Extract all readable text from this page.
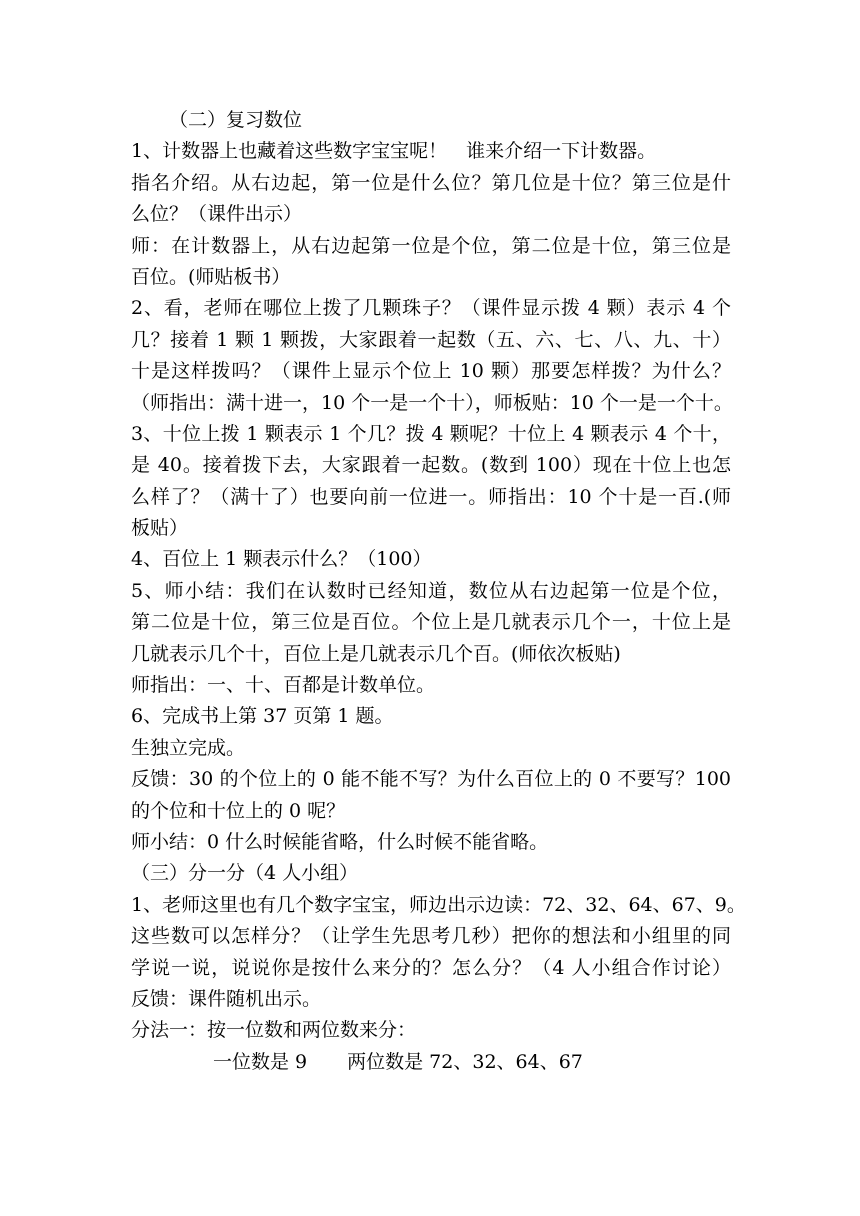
（二）复习数位
1、计数器上也藏着这些数字宝宝呢！　谁来介绍一下计数器。
指名介绍。从右边起，第一位是什么位？第几位是十位？第三位是什
么位？（课件出示）
师：在计数器上，从右边起第一位是个位，第二位是十位，第三位是
百位。(师贴板书）
2、看，老师在哪位上拨了几颗珠子？（课件显示拨 4 颗）表示 4 个
几？接着 1 颗 1 颗拨，大家跟着一起数（五、六、七、八、九、十）
十是这样拨吗？（课件上显示个位上 10 颗）那要怎样拨？为什么？
（师指出：满十进一，10 个一是一个十），师板贴：10 个一是一个十。
3、十位上拨 1 颗表示 1 个几？拨 4 颗呢？十位上 4 颗表示 4 个十，
是 40。接着拨下去，大家跟着一起数。(数到 100）现在十位上也怎
么样了？（满十了）也要向前一位进一。师指出：10 个十是一百.(师
板贴）
4、百位上 1 颗表示什么？（100）
5、师小结：我们在认数时已经知道，数位从右边起第一位是个位，
第二位是十位，第三位是百位。个位上是几就表示几个一，十位上是
几就表示几个十，百位上是几就表示几个百。(师依次板贴)
师指出：一、十、百都是计数单位。
6、完成书上第 37 页第 1 题。
生独立完成。
反馈：30 的个位上的 0 能不能不写？为什么百位上的 0 不要写？100
的个位和十位上的 0 呢？
师小结：0 什么时候能省略，什么时候不能省略。
（三）分一分（4 人小组）
1、老师这里也有几个数字宝宝，师边出示边读：72、32、64、67、9。
这些数可以怎样分？（让学生先思考几秒）把你的想法和小组里的同
学说一说，说说你是按什么来分的？怎么分？（4 人小组合作讨论）
反馈：课件随机出示。
分法一：按一位数和两位数来分：
一位数是 9 两位数是 72、32、64、67
